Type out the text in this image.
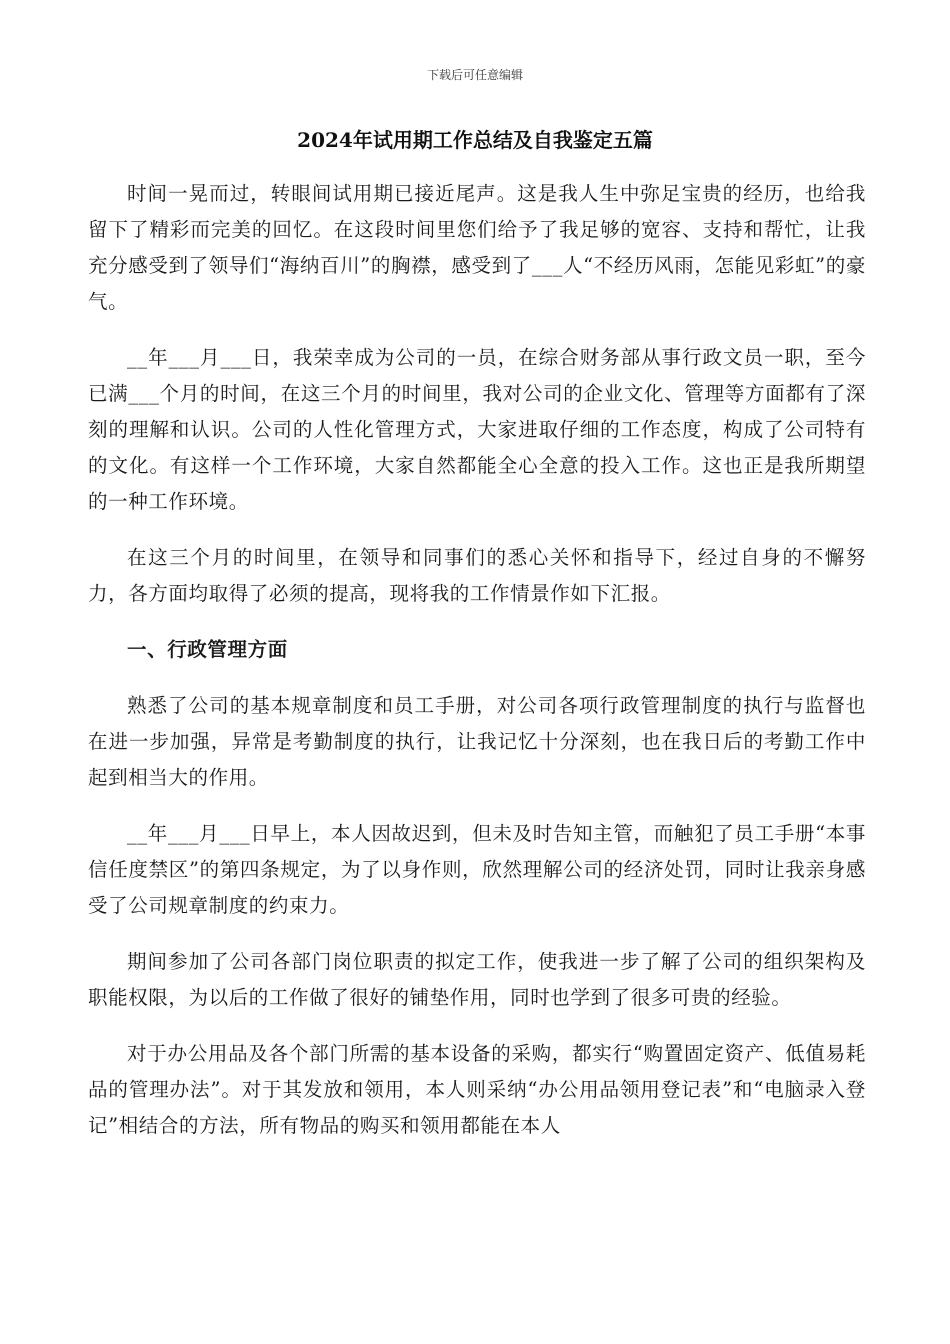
下载后可任意编辑
2024年试用期工作总结及自我鉴定五篇

时间一晃而过，转眼间试用期已接近尾声。这是我人生中弥足宝贵的经历，也给我留下了精彩而完美的回忆。在这段时间里您们给予了我足够的宽容、支持和帮忙，让我充分感受到了领导们“海纳百川”的胸襟，感受到了___人“不经历风雨，怎能见彩虹”的豪气。

__年___月___日，我荣幸成为公司的一员，在综合财务部从事行政文员一职，至今已满___个月的时间，在这三个月的时间里，我对公司的企业文化、管理等方面都有了深刻的理解和认识。公司的人性化管理方式，大家进取仔细的工作态度，构成了公司特有的文化。有这样一个工作环境，大家自然都能全心全意的投入工作。这也正是我所期望的一种工作环境。

在这三个月的时间里，在领导和同事们的悉心关怀和指导下，经过自身的不懈努力，各方面均取得了必须的提高，现将我的工作情景作如下汇报。

一、行政管理方面

熟悉了公司的基本规章制度和员工手册，对公司各项行政管理制度的执行与监督也在进一步加强，异常是考勤制度的执行，让我记忆十分深刻，也在我日后的考勤工作中起到相当大的作用。

__年___月___日早上，本人因故迟到，但未及时告知主管，而触犯了员工手册“本事信任度禁区”的第四条规定，为了以身作则，欣然理解公司的经济处罚，同时让我亲身感受了公司规章制度的约束力。

期间参加了公司各部门岗位职责的拟定工作，使我进一步了解了公司的组织架构及职能权限，为以后的工作做了很好的铺垫作用，同时也学到了很多可贵的经验。

对于办公用品及各个部门所需的基本设备的采购，都实行“购置固定资产、低值易耗品的管理办法”。对于其发放和领用，本人则采纳“办公用品领用登记表”和“电脑录入登记”相结合的方法，所有物品的购买和领用都能在本人
